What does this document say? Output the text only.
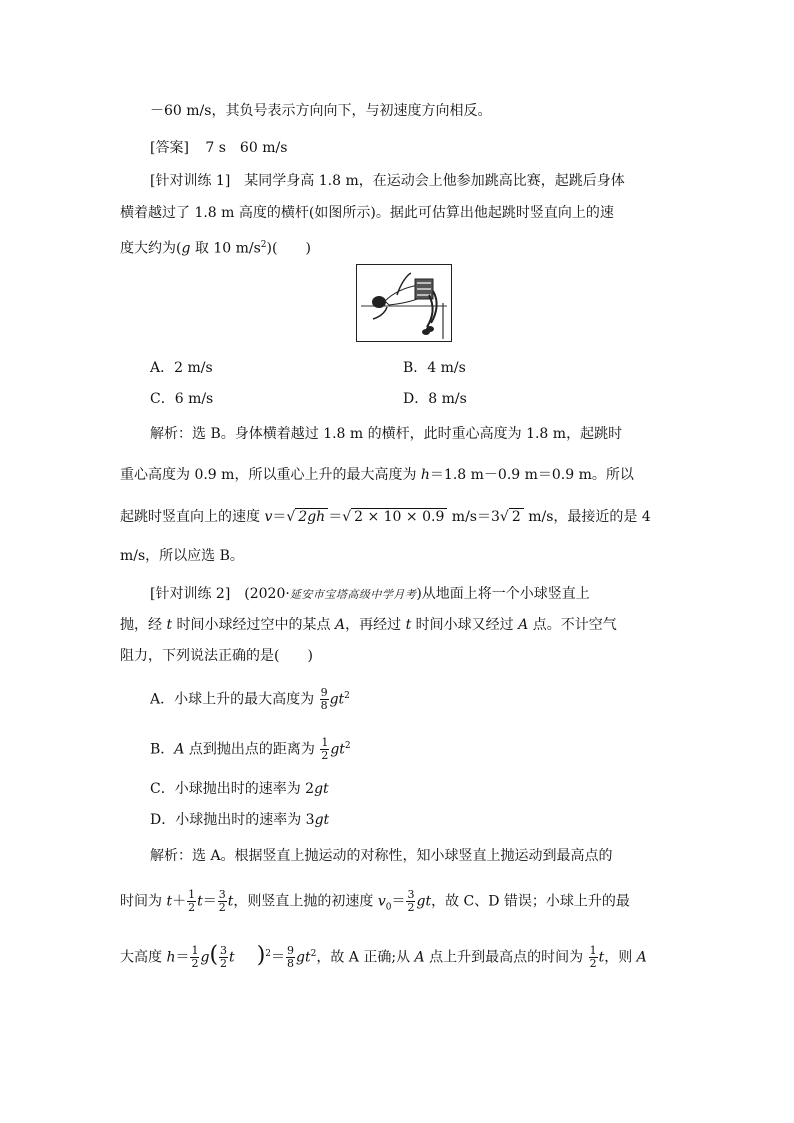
－60 m/s，其负号表示方向向下，与初速度方向相反。
[答案] 7 s　60 m/s
[针对训练 1]　某同学身高 1.8 m，在运动会上他参加跳高比赛，起跳后身体
横着越过了 1.8 m 高度的横杆(如图所示)。据此可估算出他起跳时竖直向上的速
度大约为(g 取 10 $m/s^2$)(　　)
A．2 m/s	B．4 m/s
C．6 m/s	D．8 m/s
解析：选 B。身体横着越过 1.8 m 的横杆，此时重心高度为 1.8 m，起跳时
重心高度为 0.9 m，所以重心上升的最大高度为 h＝1.8 m－0.9 m＝0.9 m。所以
起跳时竖直向上的速度 v＝√ 2gh ＝√ 2 × 10 × 0.9 m/s＝3√ 2 m/s，最接近的是 4
m/s，所以应选 B。
[针对训练 2]　(2020·延安市宝塔高级中学月考)从地面上将一个小球竖直上
抛，经 t 时间小球经过空中的某点 A，再经过 t 时间小球又经过 A 点。不计空气
阻力，下列说法正确的是(　　)
A．小球上升的最大高度为 $\frac{9}{8} gt^2$
B．A 点到抛出点的距离为 $\frac{1}{2} gt^2$
C．小球抛出时的速率为 2gt
D．小球抛出时的速率为 3gt
解析：选 A。根据竖直上抛运动的对称性，知小球竖直上抛运动到最高点的
时间为 $t+ \frac{1}{2} t= \frac{3}{2}$ t，则竖直上抛的初速度 $v_0= \frac{3}{2}$ gt，故 C、D 错误；小球上升的最
大高度 $h= \frac{1}{2} g( \frac{3}{2}$ t )$^2= \frac{9}{8} gt^2$，故 A 正确;从 A 点上升到最高点的时间为 $\frac{1}{2}$ t，则 A
